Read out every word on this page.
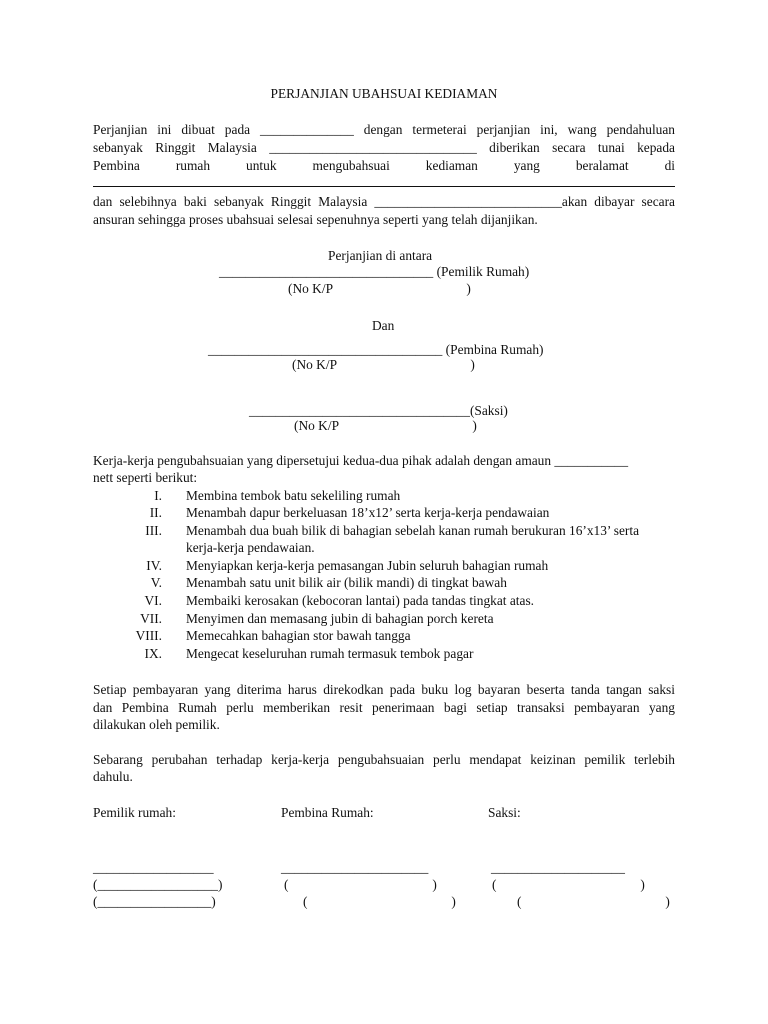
PERJANJIAN UBAHSUAI KEDIAMAN
Perjanjian ini dibuat pada ______________ dengan termeterai perjanjian ini, wang pendahuluan
sebanyak Ringgit Malaysia _______________________________ diberikan secara tunai kepada
Pembina rumah untuk mengubahsuai kediaman yang beralamat di
dan selebihnya baki sebanyak Ringgit Malaysia ____________________________akan dibayar secara
ansuran sehingga proses ubahsuai selesai sepenuhnya seperti yang telah dijanjikan.
Perjanjian di antara
________________________________ (Pemilik Rumah)
(No K/P                                        )
Dan
___________________________________ (Pembina Rumah)
(No K/P                                        )
_________________________________(Saksi)
(No K/P                                        )
Kerja-kerja pengubahsuaian yang dipersetujui kedua-dua pihak adalah dengan amaun ___________
nett seperti berikut:
I. Membina tembok batu sekeliling rumah
II. Menambah dapur berkeluasan 18’x12’ serta kerja-kerja pendawaian
III. Menambah dua buah bilik di bahagian sebelah kanan rumah berukuran 16’x13’ serta
kerja-kerja pendawaian.
IV. Menyiapkan kerja-kerja pemasangan Jubin seluruh bahagian rumah
V. Menambah satu unit bilik air (bilik mandi) di tingkat bawah
VI. Membaiki kerosakan (kebocoran lantai) pada tandas tingkat atas.
VII. Menyimen dan memasang jubin di bahagian porch kereta
VIII. Memecahkan bahagian stor bawah tangga
IX. Mengecat keseluruhan rumah termasuk tembok pagar
Setiap pembayaran yang diterima harus direkodkan pada buku log bayaran beserta tanda tangan saksi
dan Pembina Rumah perlu memberikan resit penerimaan bagi setiap transaksi pembayaran yang
dilakukan oleh pemilik.
Sebarang perubahan terhadap kerja-kerja pengubahsuaian perlu mendapat keizinan pemilik terlebih
dahulu.
Pemilik rumah:	Pembina Rumah:	Saksi:
__________________	______________________	____________________
(__________________)	(                                           )	(                                           )
(_________________)	(                                           )	(                                           )
